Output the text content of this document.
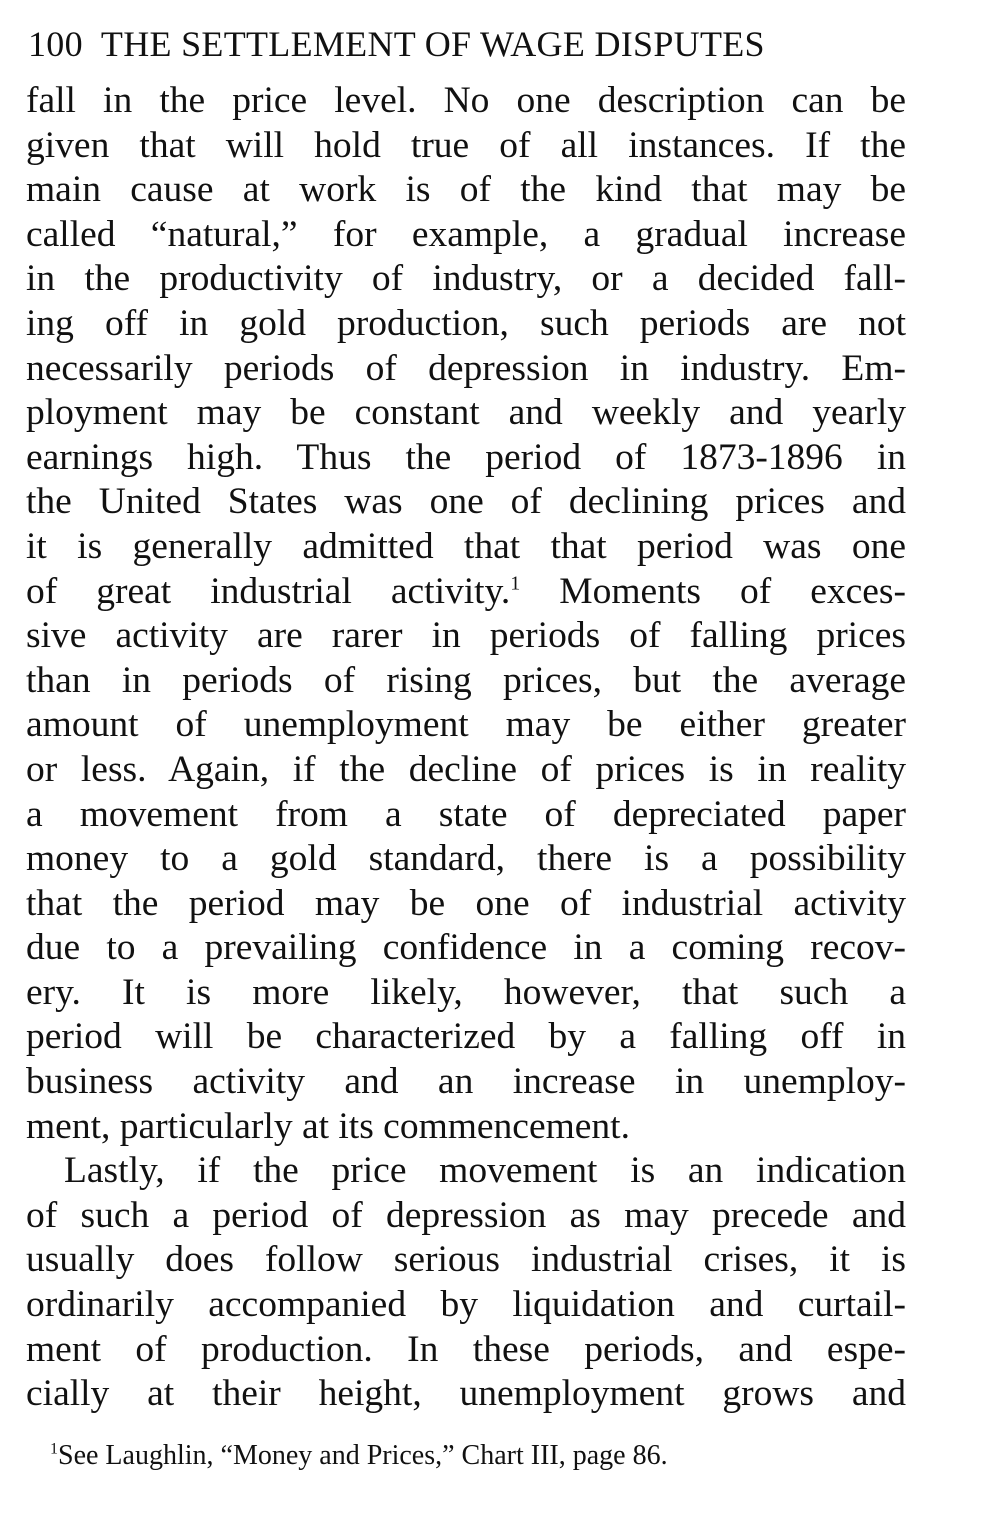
100 THE SETTLEMENT OF WAGE DISPUTES
fall in the price level. No one description can be
given that will hold true of all instances. If the
main cause at work is of the kind that may be
called “natural,” for example, a gradual increase
in the productivity of industry, or a decided fall-
ing off in gold production, such periods are not
necessarily periods of depression in industry. Em-
ployment may be constant and weekly and yearly
earnings high. Thus the period of 1873-1896 in
the United States was one of declining prices and
it is generally admitted that that period was one
of great industrial activity.$^1$ Moments of exces-
sive activity are rarer in periods of falling prices
than in periods of rising prices, but the average
amount of unemployment may be either greater
or less. Again, if the decline of prices is in reality
a movement from a state of depreciated paper
money to a gold standard, there is a possibility
that the period may be one of industrial activity
due to a prevailing confidence in a coming recov-
ery. It is more likely, however, that such a
period will be characterized by a falling off in
business activity and an increase in unemploy-
ment, particularly at its commencement.
Lastly, if the price movement is an indication
of such a period of depression as may precede and
usually does follow serious industrial crises, it is
ordinarily accompanied by liquidation and curtail-
ment of production. In these periods, and espe-
cially at their height, unemployment grows and
$^1$See Laughlin, “Money and Prices,” Chart III, page 86.
